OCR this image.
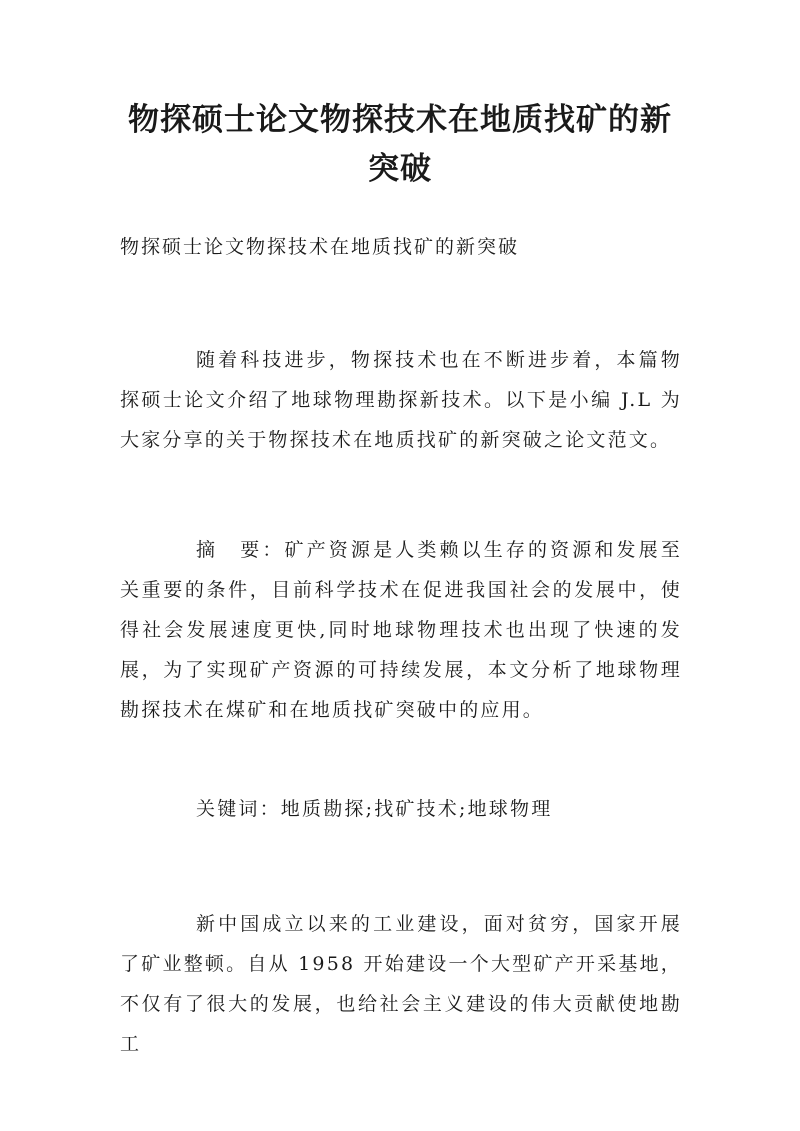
物探硕士论文物探技术在地质找矿的新突破

物探硕士论文物探技术在地质找矿的新突破

随着科技进步，物探技术也在不断进步着，本篇物探硕士论文介绍了地球物理勘探新技术。以下是小编 J.L 为大家分享的关于物探技术在地质找矿的新突破之论文范文。

摘　要：矿产资源是人类赖以生存的资源和发展至关重要的条件，目前科学技术在促进我国社会的发展中，使得社会发展速度更快,同时地球物理技术也出现了快速的发展，为了实现矿产资源的可持续发展，本文分析了地球物理勘探技术在煤矿和在地质找矿突破中的应用。

关键词：地质勘探;找矿技术;地球物理

新中国成立以来的工业建设，面对贫穷，国家开展了矿业整顿。自从 1958 开始建设一个大型矿产开采基地，不仅有了很大的发展，也给社会主义建设的伟大贡献使地勘工
